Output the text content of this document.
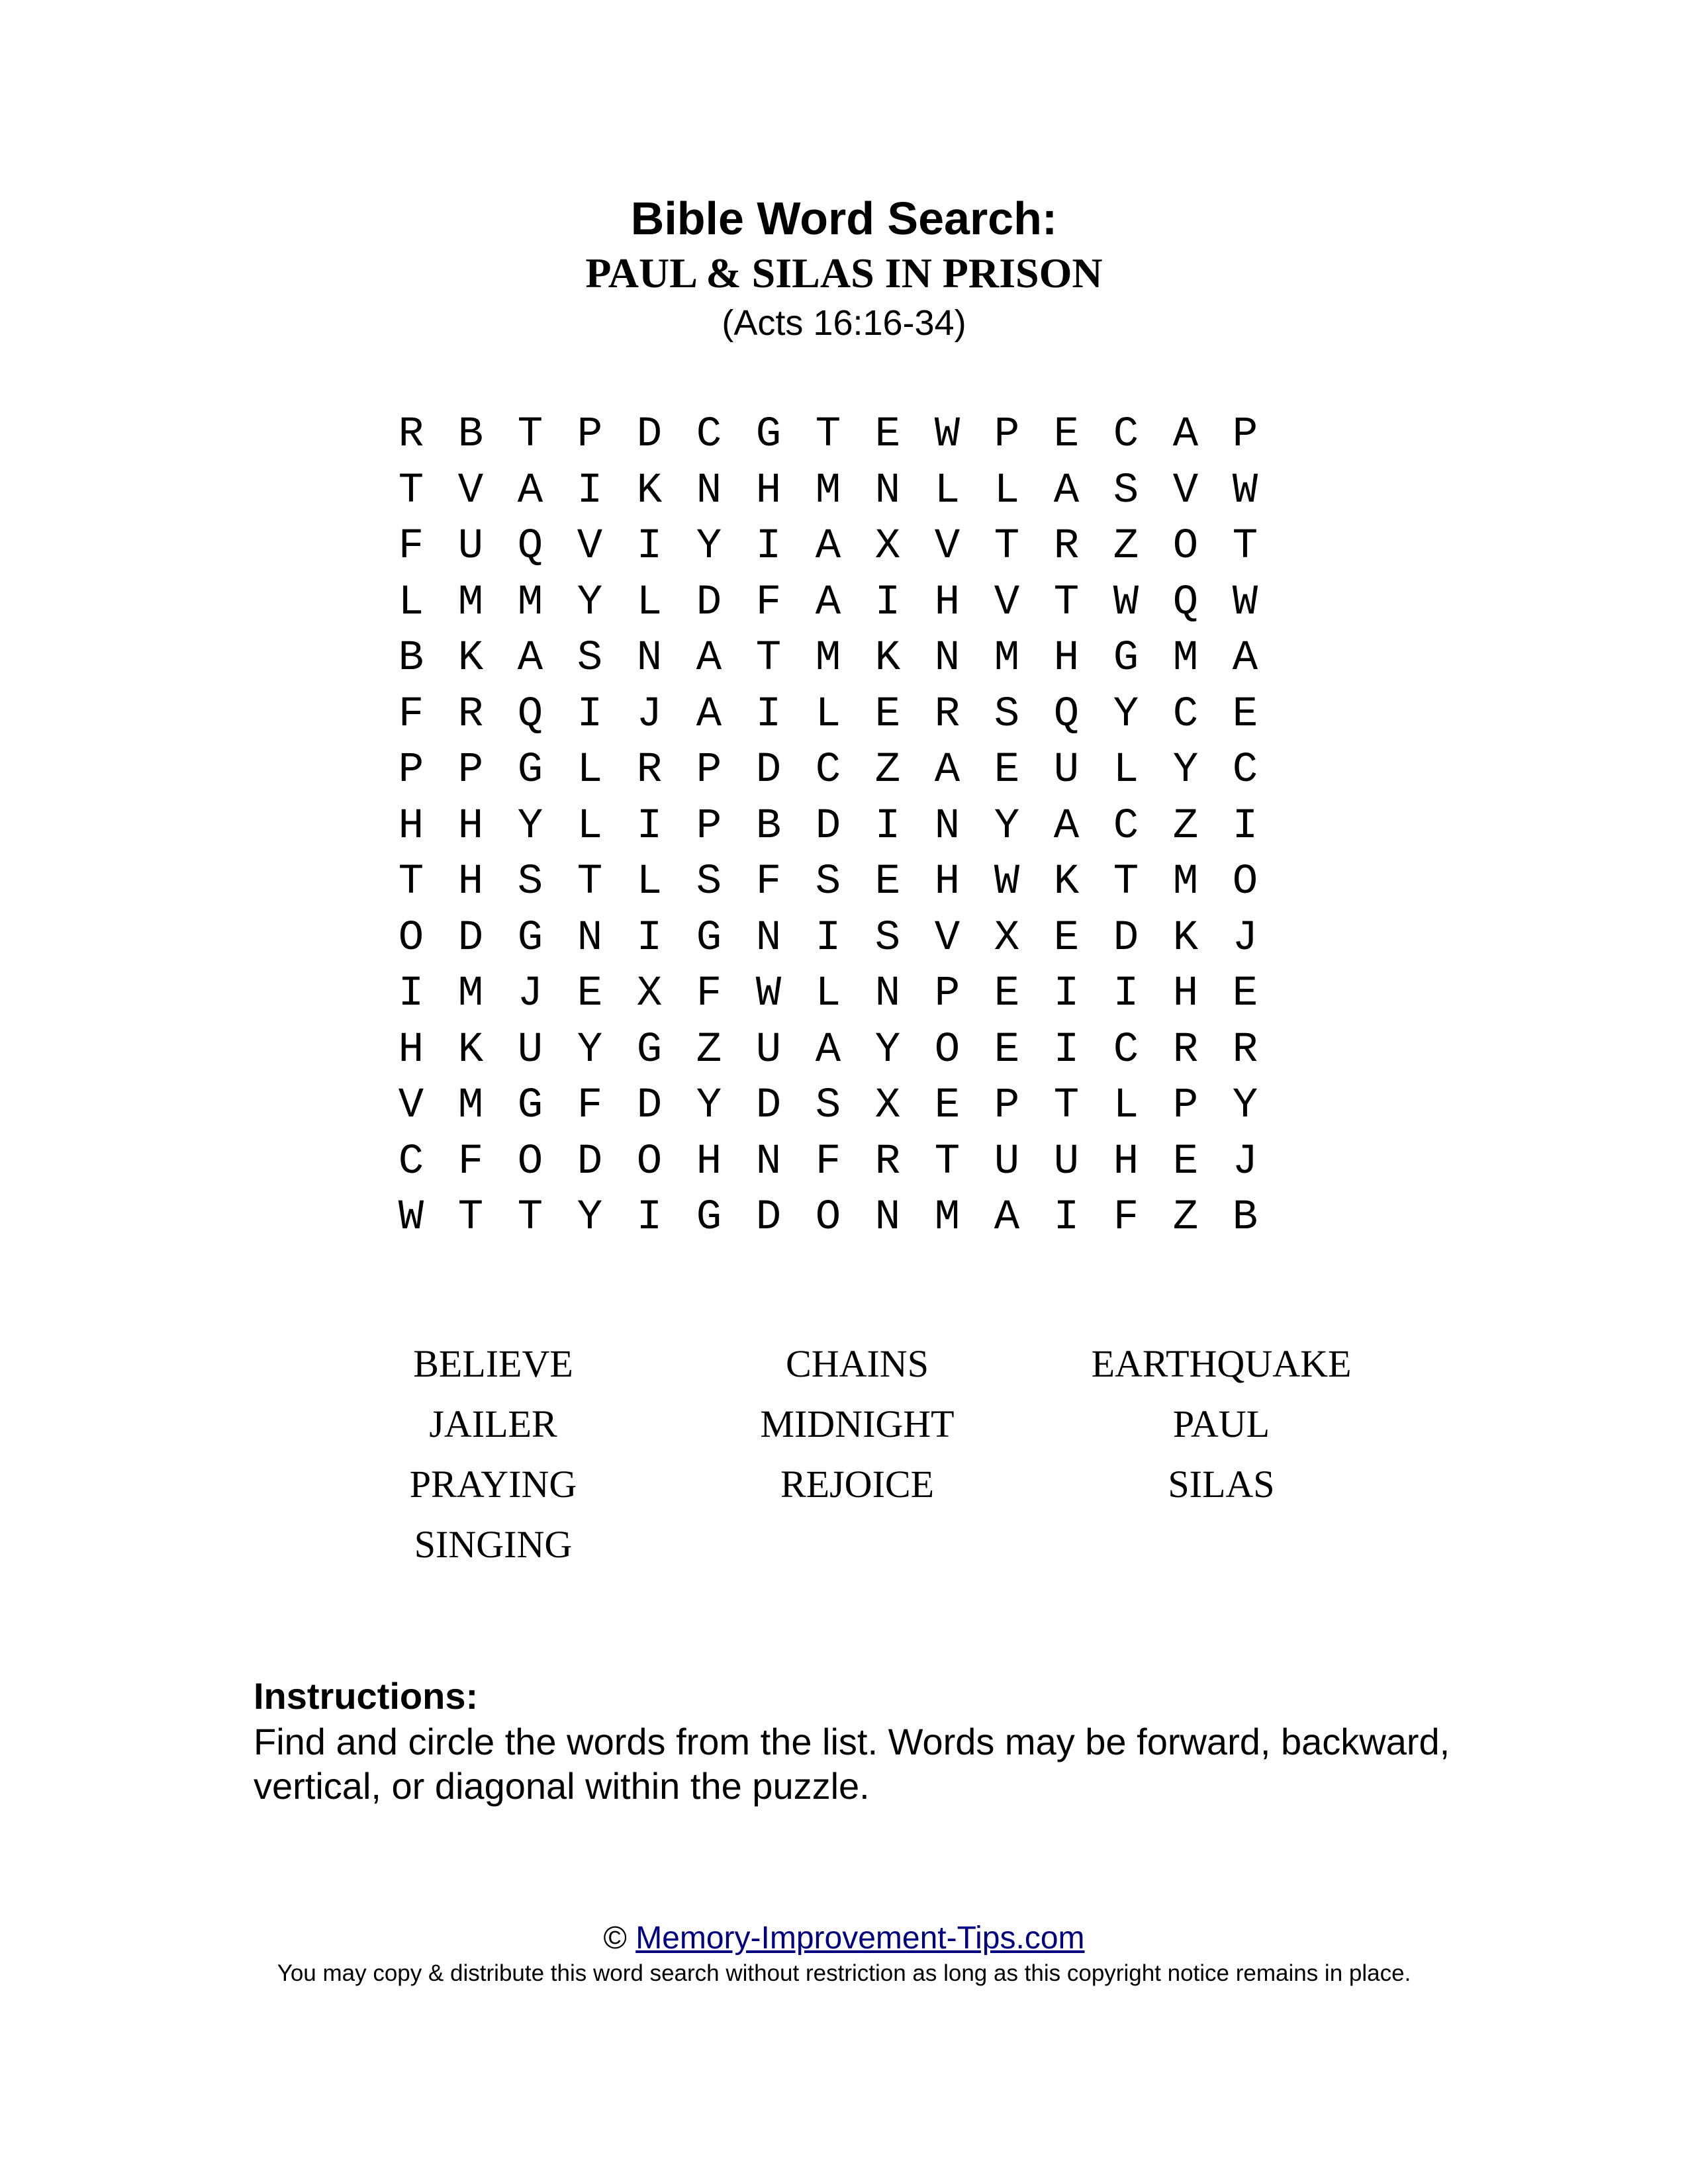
Bible Word Search:
PAUL & SILAS IN PRISON
(Acts 16:16-34)
R B T P D C G T E W P E C A P
T V A I K N H M N L L A S V W
F U Q V I Y I A X V T R Z O T
L M M Y L D F A I H V T W Q W
B K A S N A T M K N M H G M A
F R Q I J A I L E R S Q Y C E
P P G L R P D C Z A E U L Y C
H H Y L I P B D I N Y A C Z I
T H S T L S F S E H W K T M O
O D G N I G N I S V X E D K J
I M J E X F W L N P E I I H E
H K U Y G Z U A Y O E I C R R
V M G F D Y D S X E P T L P Y
C F O D O H N F R T U U H E J
W T T Y I G D O N M A I F Z B
BELIEVE	CHAINS	EARTHQUAKE
JAILER	MIDNIGHT	PAUL
PRAYING	REJOICE	SILAS
SINGING
Instructions:
Find and circle the words from the list. Words may be forward, backward, vertical, or diagonal within the puzzle.
© Memory-Improvement-Tips.com
You may copy & distribute this word search without restriction as long as this copyright notice remains in place.
